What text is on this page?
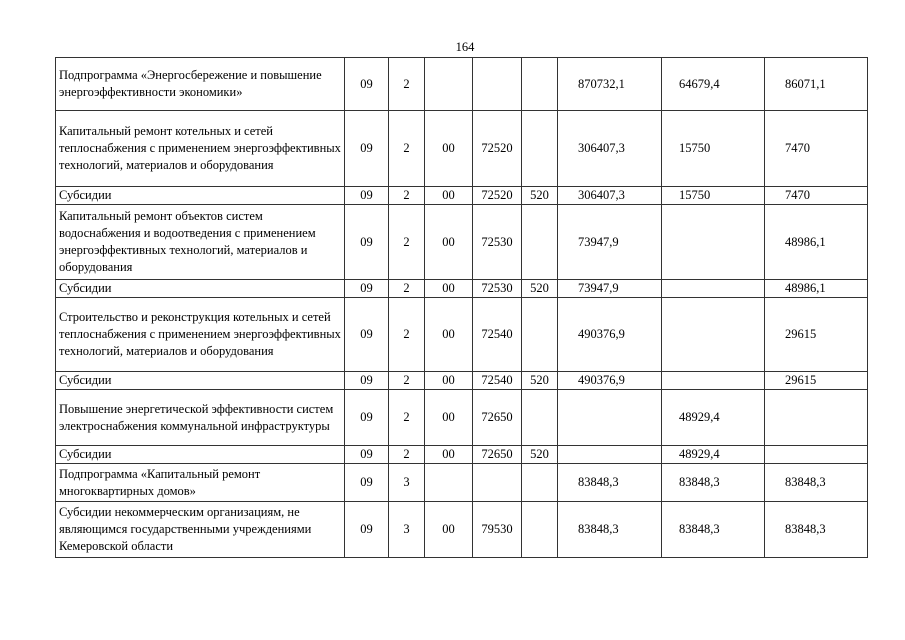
164
Подпрограмма «Энергосбережение и повышение энергоэффективности экономики»	09	2				870732,1	64679,4	86071,1
Капитальный ремонт котельных и сетей теплоснабжения с применением энергоэффективных технологий, материалов и оборудования	09	2	00	72520		306407,3	15750	7470
Субсидии	09	2	00	72520	520	306407,3	15750	7470
Капитальный ремонт объектов систем водоснабжения и водоотведения с применением энергоэффективных технологий, материалов и оборудования	09	2	00	72530		73947,9		48986,1
Субсидии	09	2	00	72530	520	73947,9		48986,1
Строительство и реконструкция котельных и сетей теплоснабжения с применением энергоэффективных технологий, материалов и оборудования	09	2	00	72540		490376,9		29615
Субсидии	09	2	00	72540	520	490376,9		29615
Повышение энергетической эффективности систем электроснабжения коммунальной инфраструктуры	09	2	00	72650			48929,4	
Субсидии	09	2	00	72650	520		48929,4	
Подпрограмма «Капитальный ремонт многоквартирных домов»	09	3				83848,3	83848,3	83848,3
Субсидии некоммерческим организациям, не являющимся государственными учреждениями Кемеровской области	09	3	00	79530		83848,3	83848,3	83848,3
